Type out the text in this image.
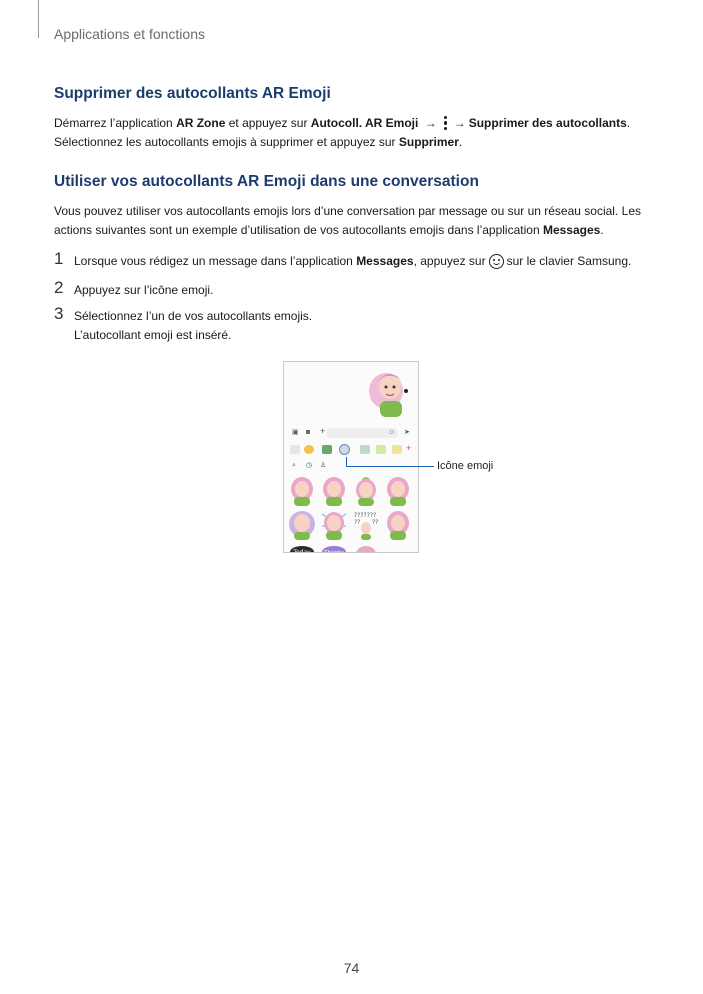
Applications et fonctions
Supprimer des autocollants AR Emoji

Démarrez l’application AR Zone et appuyez sur Autocoll. AR Emoji → → Supprimer des autocollants.
Sélectionnez les autocollants emojis à supprimer et appuyez sur Supprimer.

Utiliser vos autocollants AR Emoji dans une conversation

Vous pouvez utiliser vos autocollants emojis lors d’une conversation par message ou sur un réseau social. Les actions suivantes sont un exemple d’utilisation de vos autocollants emojis dans l’application Messages.

1 Lorsque vous rédigez un message dans l’application Messages, appuyez sur sur le clavier Samsung.
2 Appuyez sur l’icône emoji.
3 Sélectionnez l’un de vos autocollants emojis.
L’autocollant emoji est inséré.
▣ ◙ +	☺ ➤
+
⌕ ◷ ♙
???????
?? ??
Today Thanks
Icône emoji
74
